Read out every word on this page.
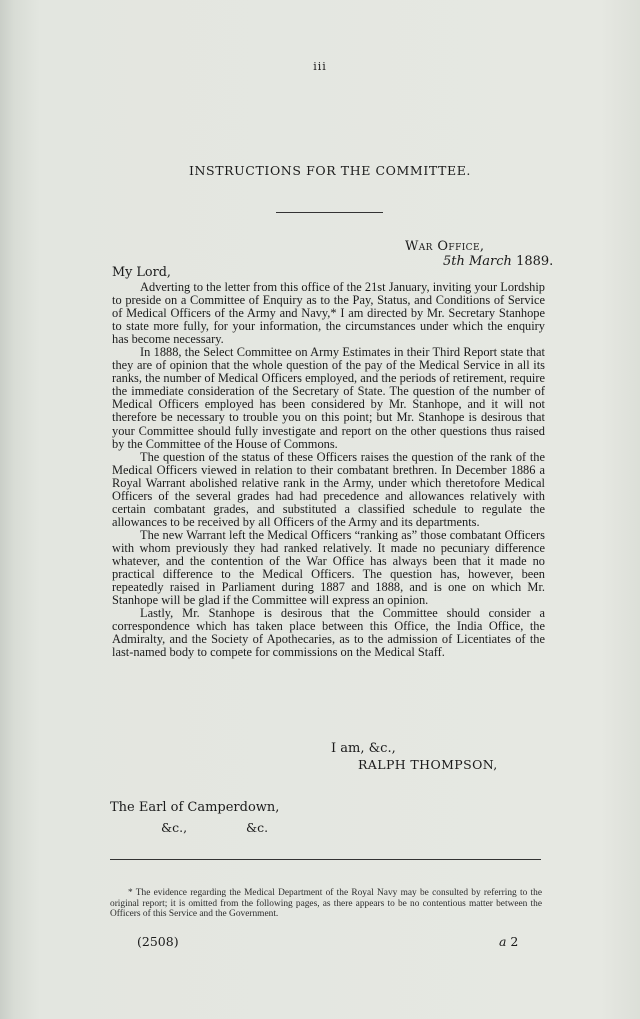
iii
INSTRUCTIONS FOR THE COMMITTEE.
War Office,
5th March 1889.
My Lord,

Adverting to the letter from this office of the 21st January, inviting your Lordship to preside on a Committee of Enquiry as to the Pay, Status, and Conditions of Service of Medical Officers of the Army and Navy,* I am directed by Mr. Secretary Stanhope to state more fully, for your information, the circumstances under which the enquiry has become necessary.

In 1888, the Select Committee on Army Estimates in their Third Report state that they are of opinion that the whole question of the pay of the Medical Service in all its ranks, the number of Medical Officers employed, and the periods of retirement, require the immediate consideration of the Secretary of State. The question of the number of Medical Officers employed has been considered by Mr. Stanhope, and it will not therefore be necessary to trouble you on this point; but Mr. Stanhope is desirous that your Committee should fully investigate and report on the other questions thus raised by the Committee of the House of Commons.

The question of the status of these Officers raises the question of the rank of the Medical Officers viewed in relation to their combatant brethren. In December 1886 a Royal Warrant abolished relative rank in the Army, under which theretofore Medical Officers of the several grades had had precedence and allowances relatively with certain combatant grades, and substituted a classified schedule to regulate the allowances to be received by all Officers of the Army and its departments.

The new Warrant left the Medical Officers “ranking as” those combatant Officers with whom previously they had ranked relatively. It made no pecuniary difference whatever, and the contention of the War Office has always been that it made no practical difference to the Medical Officers. The question has, however, been repeatedly raised in Parliament during 1887 and 1888, and is one on which Mr. Stanhope will be glad if the Committee will express an opinion.

Lastly, Mr. Stanhope is desirous that the Committee should consider a correspondence which has taken place between this Office, the India Office, the Admiralty, and the Society of Apothecaries, as to the admission of Licentiates of the last-named body to compete for commissions on the Medical Staff.

I am, &c.,
RALPH THOMPSON,
The Earl of Camperdown,
&c.,	&c.

* The evidence regarding the Medical Department of the Royal Navy may be consulted by referring to the original report; it is omitted from the following pages, as there appears to be no contentious matter between the Officers of this Service and the Government.

(2508)	a 2
